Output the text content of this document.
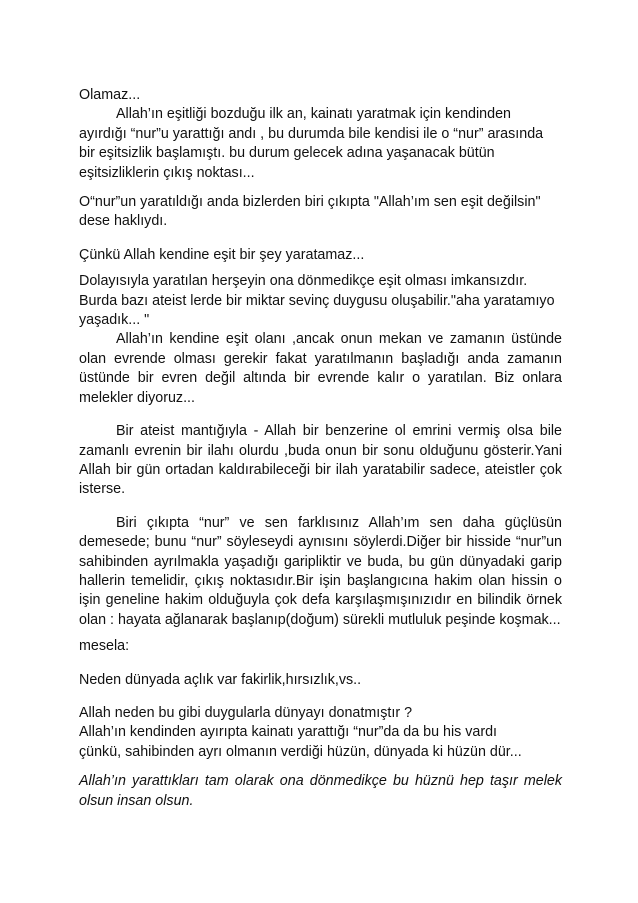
Olamaz...

Allah’ın eşitliği bozduğu ilk an, kainatı yaratmak için kendinden ayırdığı “nur”u yarattığı andı , bu durumda bile kendisi ile o “nur” arasında bir eşitsizlik başlamıştı. bu durum gelecek adına yaşanacak bütün eşitsizliklerin çıkış noktası...

O“nur”un yaratıldığı anda bizlerden biri çıkıpta "Allah’ım sen eşit değilsin" dese haklıydı.

Çünkü Allah kendine eşit bir şey yaratamaz...

Dolayısıyla yaratılan herşeyin ona dönmedikçe eşit olması imkansızdır. Burda bazı ateist lerde bir miktar sevinç duygusu oluşabilir."aha yaratamıyo yaşadık... "

Allah’ın kendine eşit olanı ,ancak onun mekan ve zamanın üstünde olan evrende olması gerekir fakat yaratılmanın başladığı anda zamanın üstünde bir evren değil altında bir evrende kalır o yaratılan. Biz onlara melekler diyoruz...

Bir ateist mantığıyla - Allah bir benzerine ol emrini vermiş olsa bile zamanlı evrenin bir ilahı olurdu ,buda onun bir sonu olduğunu gösterir.Yani Allah bir gün ortadan kaldırabileceği bir ilah yaratabilir sadece, ateistler çok isterse.

Biri çıkıpta “nur” ve sen farklısınız Allah’ım sen daha güçlüsün demesede; bunu “nur” söyleseydi aynısını söylerdi.Diğer bir hisside “nur”un sahibinden ayrılmakla yaşadığı garipliktir ve buda, bu gün dünyadaki garip hallerin temelidir, çıkış noktasıdır.Bir işin başlangıcına hakim olan hissin o işin geneline hakim olduğuyla çok defa karşılaşmışınızıdır en bilindik örnek olan : hayata ağlanarak başlanıp(doğum) sürekli mutluluk peşinde koşmak...

mesela:

Neden dünyada açlık var fakirlik,hırsızlık,vs..

Allah neden bu gibi duygularla dünyayı donatmıştır ?

Allah’ın kendinden ayırıpta kainatı yarattığı “nur”da da bu his vardı

çünkü, sahibinden ayrı olmanın verdiği hüzün, dünyada ki hüzün dür...

Allah’ın yarattıkları tam olarak ona dönmedikçe bu hüznü hep taşır melek olsun insan olsun.
